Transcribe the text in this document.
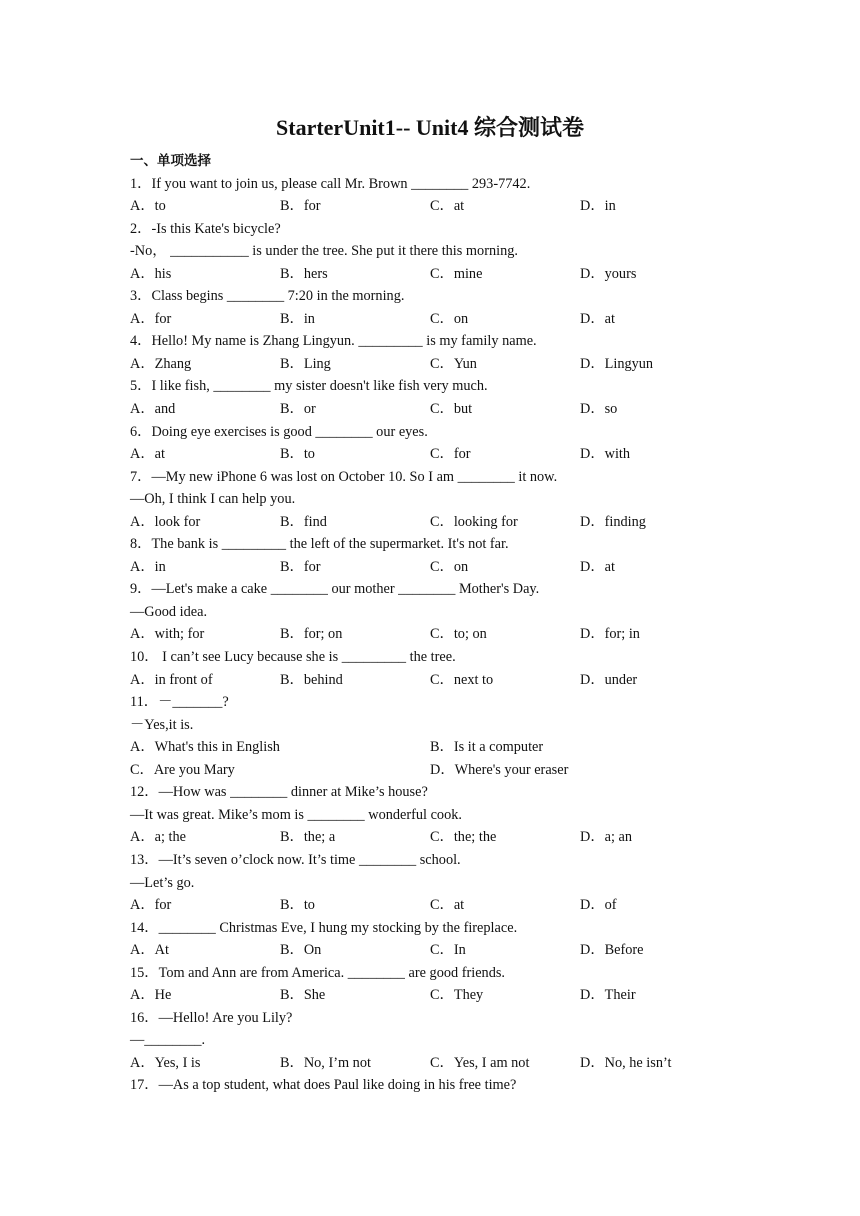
StarterUnit1-- Unit4 综合测试卷
一、单项选择
1．If you want to join us, please call Mr. Brown ________ 293-7742.
A．to	B．for	C．at	D．in
2．-Is this Kate's bicycle?
-No， ___________ is under the tree. She put it there this morning.
A．his	B．hers	C．mine	D．yours
3．Class begins ________ 7:20 in the morning.
A．for	B．in	C．on	D．at
4．Hello! My name is Zhang Lingyun. _________ is my family name.
A．Zhang	B．Ling	C．Yun	D．Lingyun
5．I like fish, ________ my sister doesn't like fish very much.
A．and	B．or	C．but	D．so
6．Doing eye exercises is good ________ our eyes.
A．at	B．to	C．for	D．with
7．—My new iPhone 6 was lost on October 10. So I am ________ it now.
—Oh, I think I can help you.
A．look for	B．find	C．looking for	D．finding
8．The bank is _________ the left of the supermarket. It's not far.
A．in	B．for	C．on	D．at
9．—Let's make a cake ________ our mother ________ Mother's Day.
—Good idea.
A．with; for	B．for; on	C．to; on	D．for; in
10． I can’t see Lucy because she is _________ the tree.
A．in front of	B．behind	C．next to	D．under
11．－_______?
－Yes,it is.
A．What's this in English	B．Is it a computer
C．Are you Mary	D．Where's your eraser
12．—How was ________ dinner at Mike’s house?
—It was great. Mike’s mom is ________ wonderful cook.
A．a; the	B．the; a	C．the; the	D．a; an
13．—It’s seven o’clock now. It’s time ________ school.
—Let’s go.
A．for	B．to	C．at	D．of
14．________ Christmas Eve, I hung my stocking by the fireplace.
A．At	B．On	C．In	D．Before
15．Tom and Ann are from America. ________ are good friends.
A．He	B．She	C．They	D．Their
16．—Hello! Are you Lily?
—________.
A．Yes, I is	B．No, I’m not	C．Yes, I am not	D．No, he isn’t
17．—As a top student, what does Paul like doing in his free time?
